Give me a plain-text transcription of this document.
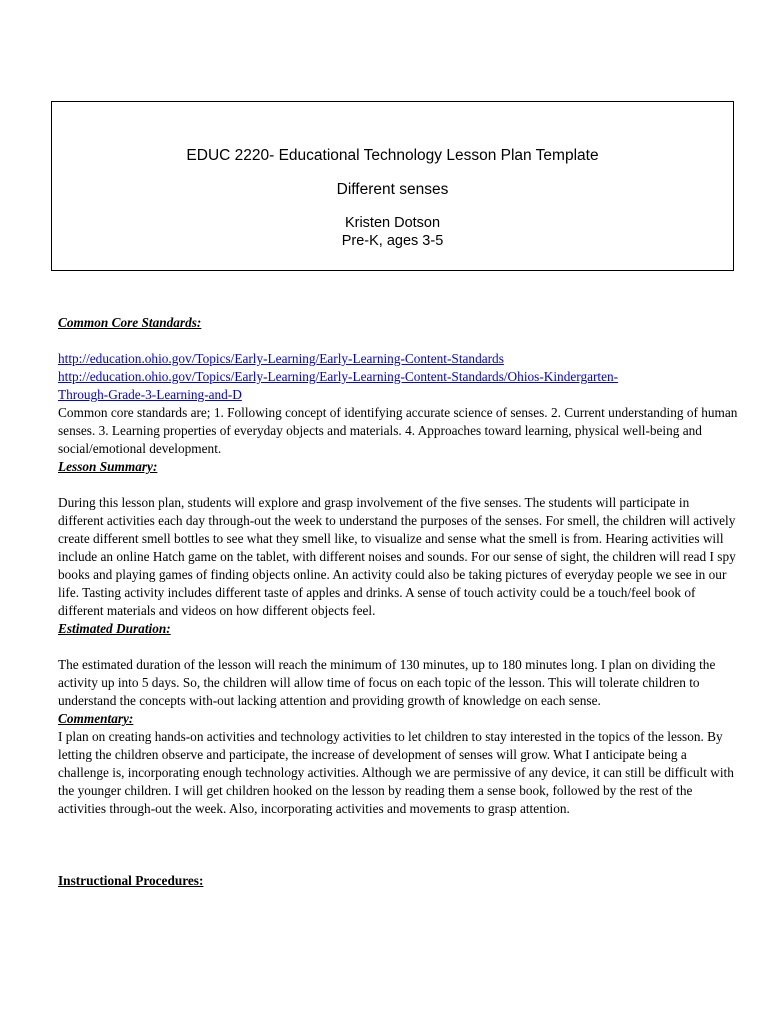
EDUC 2220- Educational Technology Lesson Plan Template
Different senses
Kristen Dotson
Pre-K, ages 3-5

Common Core Standards:

http://education.ohio.gov/Topics/Early-Learning/Early-Learning-Content-Standards
http://education.ohio.gov/Topics/Early-Learning/Early-Learning-Content-Standards/Ohios-Kindergarten-
Through-Grade-3-Learning-and-D

Common core standards are; 1. Following concept of identifying accurate science of senses. 2. Current understanding of human senses. 3. Learning properties of everyday objects and materials. 4. Approaches toward learning, physical well-being and social/emotional development.

Lesson Summary:

During this lesson plan, students will explore and grasp involvement of the five senses. The students will participate in different activities each day through-out the week to understand the purposes of the senses. For smell, the children will actively create different smell bottles to see what they smell like, to visualize and sense what the smell is from. Hearing activities will include an online Hatch game on the tablet, with different noises and sounds. For our sense of sight, the children will read I spy books and playing games of finding objects online. An activity could also be taking pictures of everyday people we see in our life. Tasting activity includes different taste of apples and drinks. A sense of touch activity could be a touch/feel book of different materials and videos on how different objects feel.

Estimated Duration:

The estimated duration of the lesson will reach the minimum of 130 minutes, up to 180 minutes long. I plan on dividing the activity up into 5 days. So, the children will allow time of focus on each topic of the lesson. This will tolerate children to understand the concepts with-out lacking attention and providing growth of knowledge on each sense.

Commentary:

I plan on creating hands-on activities and technology activities to let children to stay interested in the topics of the lesson. By letting the children observe and participate, the increase of development of senses will grow. What I anticipate being a challenge is, incorporating enough technology activities. Although we are permissive of any device, it can still be difficult with the younger children. I will get children hooked on the lesson by reading them a sense book, followed by the rest of the activities through-out the week. Also, incorporating activities and movements to grasp attention.

Instructional Procedures:
